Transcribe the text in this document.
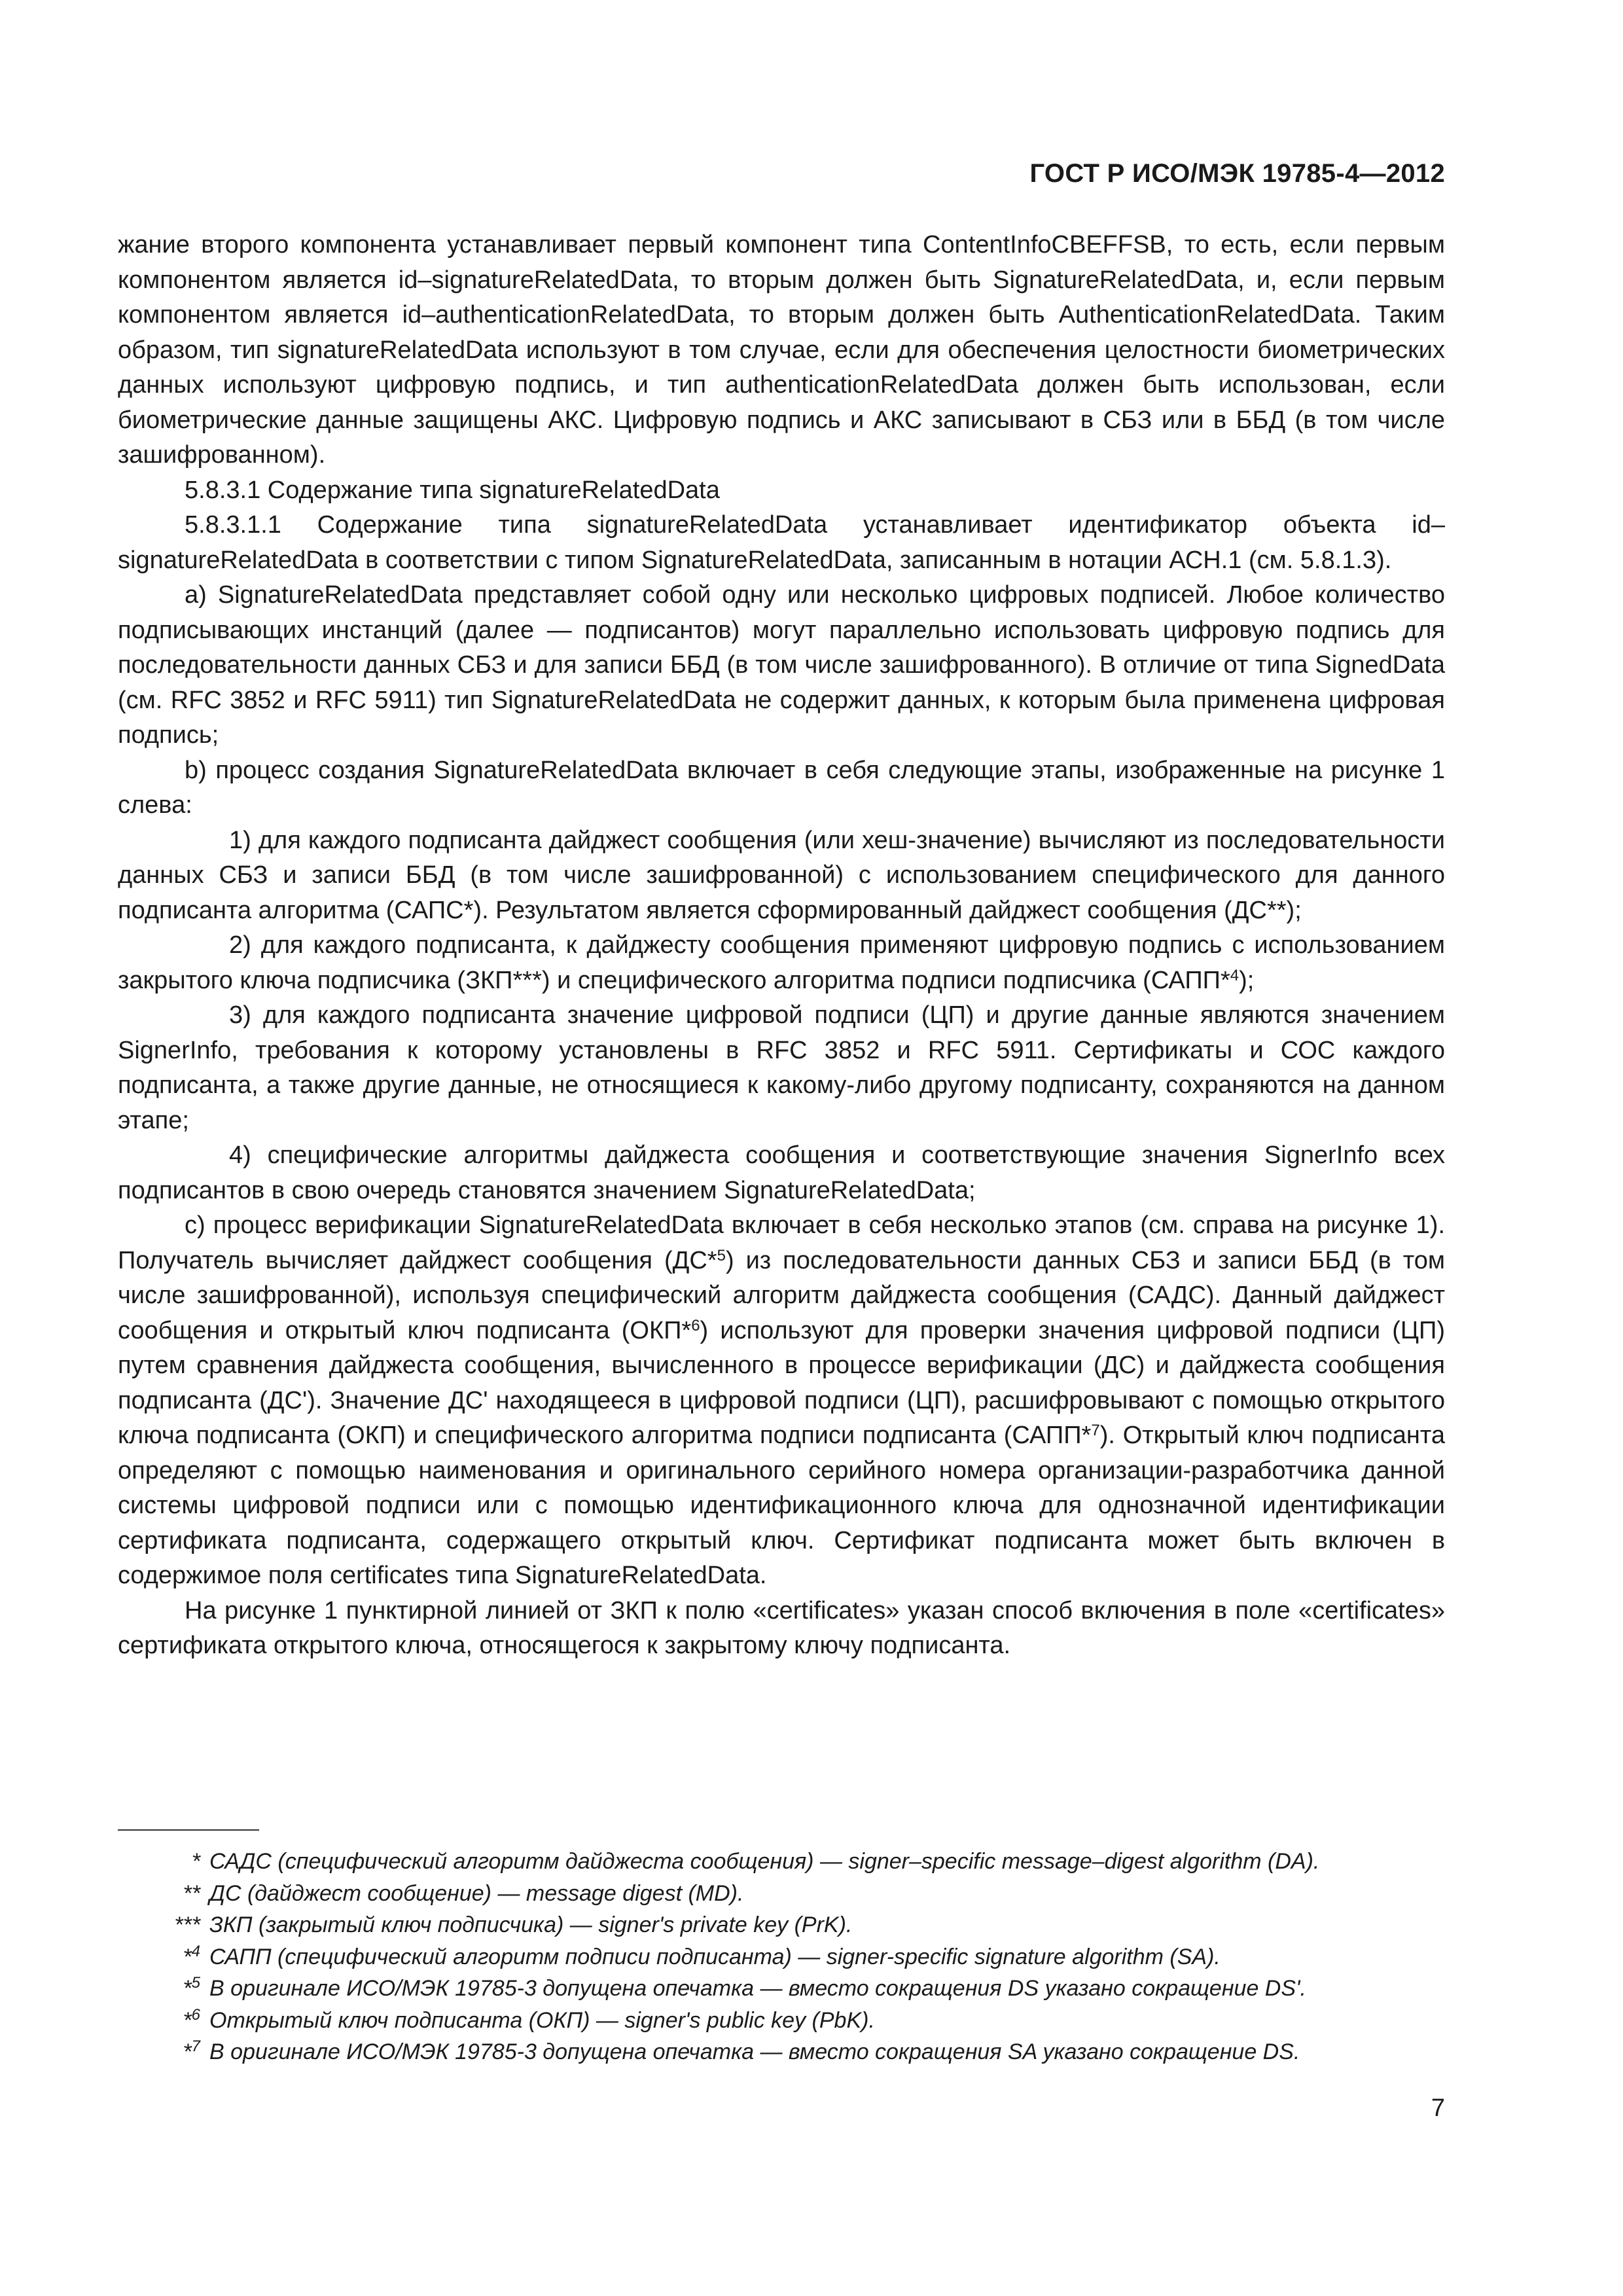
ГОСТ Р ИСО/МЭК 19785-4—2012

жание второго компонента устанавливает первый компонент типа ContentInfoCBEFFSB, то есть, если первым компонентом является id–signatureRelatedData, то вторым должен быть SignatureRelatedData, и, если первым компонентом является id–authenticationRelatedData, то вторым должен быть AuthenticationRelatedData. Таким образом, тип signatureRelatedData используют в том случае, если для обеспечения целостности биометрических данных используют цифровую подпись, и тип authenticationRelatedData должен быть использован, если биометрические данные защищены АКС. Цифровую подпись и АКС записывают в СБЗ или в ББД (в том числе зашифрованном).

5.8.3.1 Содержание типа signatureRelatedData

5.8.3.1.1 Содержание типа signatureRelatedData устанавливает идентификатор объекта id–signatureRelatedData в соответствии с типом SignatureRelatedData, записанным в нотации АСН.1 (см. 5.8.1.3).

а) SignatureRelatedData представляет собой одну или несколько цифровых подписей. Любое количество подписывающих инстанций (далее — подписантов) могут параллельно использовать цифровую подпись для последовательности данных СБЗ и для записи ББД (в том числе зашифрованного). В отличие от типа SignedData (см. RFC 3852 и RFC 5911) тип SignatureRelatedData не содержит данных, к которым была применена цифровая подпись;

b) процесс создания SignatureRelatedData включает в себя следующие этапы, изображенные на рисунке 1 слева:

1) для каждого подписанта дайджест сообщения (или хеш-значение) вычисляют из последовательности данных СБЗ и записи ББД (в том числе зашифрованной) с использованием специфического для данного подписанта алгоритма (САПС*). Результатом является сформированный дайджест сообщения (ДС**);

2) для каждого подписанта, к дайджесту сообщения применяют цифровую подпись с использованием закрытого ключа подписчика (ЗКП***) и специфического алгоритма подписи подписчика (САПП*$^4$);

3) для каждого подписанта значение цифровой подписи (ЦП) и другие данные являются значением SignerInfo, требования к которому установлены в RFC 3852 и RFC 5911. Сертификаты и СОС каждого подписанта, а также другие данные, не относящиеся к какому-либо другому подписанту, сохраняются на данном этапе;

4) специфические алгоритмы дайджеста сообщения и соответствующие значения SignerInfo всех подписантов в свою очередь становятся значением SignatureRelatedData;

с) процесс верификации SignatureRelatedData включает в себя несколько этапов (см. справа на рисунке 1). Получатель вычисляет дайджест сообщения (ДС*$^5$) из последовательности данных СБЗ и записи ББД (в том числе зашифрованной), используя специфический алгоритм дайджеста сообщения (САДС). Данный дайджест сообщения и открытый ключ подписанта (ОКП*$^6$) используют для проверки значения цифровой подписи (ЦП) путем сравнения дайджеста сообщения, вычисленного в процессе верификации (ДС) и дайджеста сообщения подписанта (ДС'). Значение ДС' находящееся в цифровой подписи (ЦП), расшифровывают с помощью открытого ключа подписанта (ОКП) и специфического алгоритма подписи подписанта (САПП*$^7$). Открытый ключ подписанта определяют с помощью наименования и оригинального серийного номера организации-разработчика данной системы цифровой подписи или с помощью идентификационного ключа для однозначной идентификации сертификата подписанта, содержащего открытый ключ. Сертификат подписанта может быть включен в содержимое поля certificates типа SignatureRelatedData.

На рисунке 1 пунктирной линией от ЗКП к полю «certificates» указан способ включения в поле «certificates» сертификата открытого ключа, относящегося к закрытому ключу подписанта.

* САДС (специфический алгоритм дайджеста сообщения) — signer–specific message–digest algorithm (DA).

** ДС (дайджест сообщение) — message digest (MD).

*** ЗКП (закрытый ключ подписчика) — signer's private key (PrK).

*$^4$ САПП (специфический алгоритм подписи подписанта) — signer-specific signature algorithm (SA).

*$^5$ В оригинале ИСО/МЭК 19785-3 допущена опечатка — вместо сокращения DS указано сокращение DS'.

*$^6$ Открытый ключ подписанта (ОКП) — signer's public key (PbK).

*$^7$ В оригинале ИСО/МЭК 19785-3 допущена опечатка — вместо сокращения SA указано сокращение DS.

7
